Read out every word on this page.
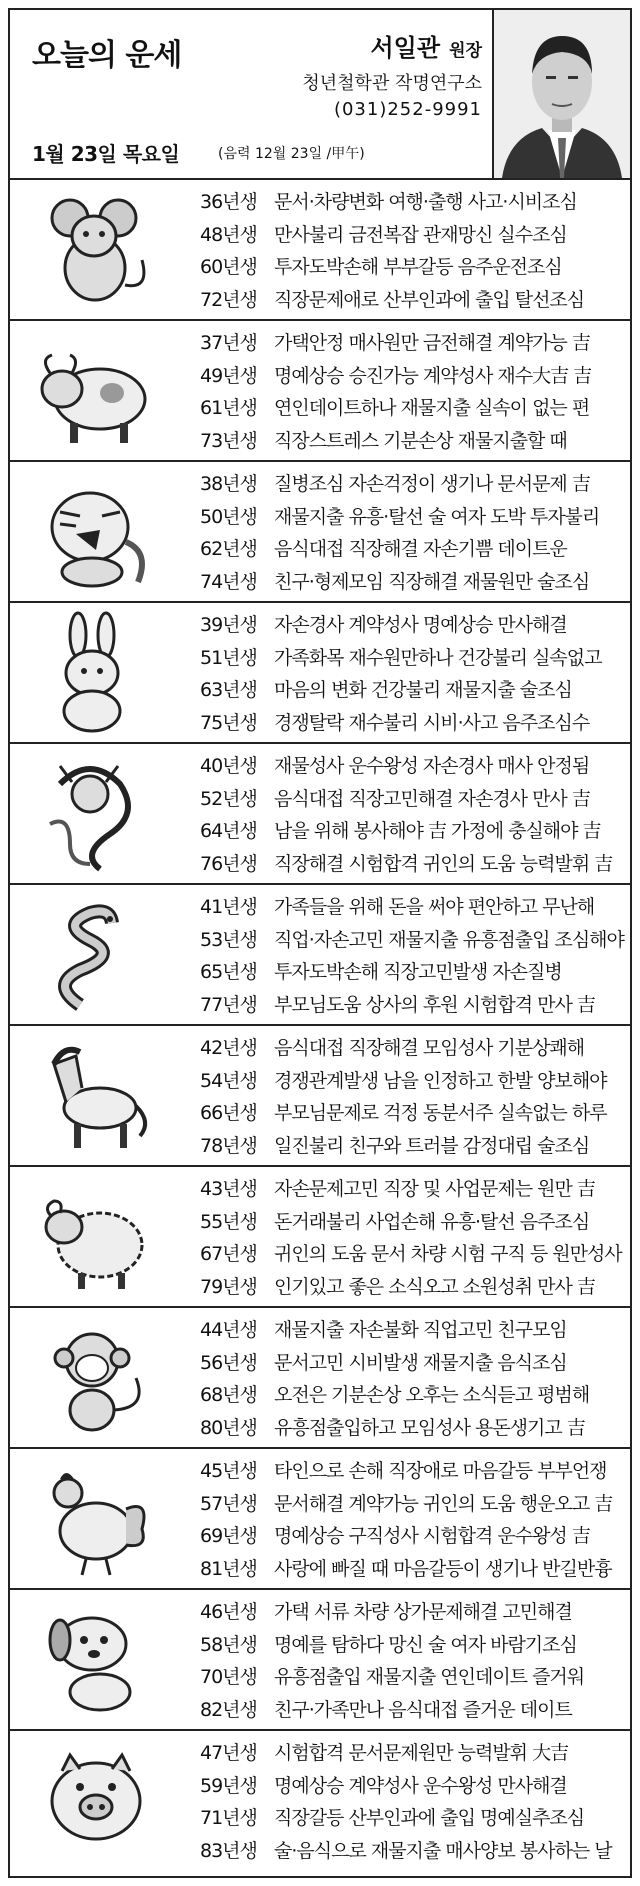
오늘의 운세	서일관 원장
청년철학관 작명연구소
(031)252-9991
1월 23일 목요일	(음력 12월 23일 /甲午)
36년생 문서·차량변화 여행·출행 사고·시비조심
48년생 만사불리 금전복잡 관재망신 실수조심
60년생 투자도박손해 부부갈등 음주운전조심
72년생 직장문제애로 산부인과에 출입 탈선조심
37년생 가택안정 매사원만 금전해결 계약가능 吉
49년생 명예상승 승진가능 계약성사 재수大吉 吉
61년생 연인데이트하나 재물지출 실속이 없는 편
73년생 직장스트레스 기분손상 재물지출할 때
38년생 질병조심 자손걱정이 생기나 문서문제 吉
50년생 재물지출 유흥·탈선 술 여자 도박 투자불리
62년생 음식대접 직장해결 자손기쁨 데이트운
74년생 친구·형제모임 직장해결 재물원만 술조심
39년생 자손경사 계약성사 명예상승 만사해결
51년생 가족화목 재수원만하나 건강불리 실속없고
63년생 마음의 변화 건강불리 재물지출 술조심
75년생 경쟁탈락 재수불리 시비·사고 음주조심수
40년생 재물성사 운수왕성 자손경사 매사 안정됨
52년생 음식대접 직장고민해결 자손경사 만사 吉
64년생 남을 위해 봉사해야 吉 가정에 충실해야 吉
76년생 직장해결 시험합격 귀인의 도움 능력발휘 吉
41년생 가족들을 위해 돈을 써야 편안하고 무난해
53년생 직업·자손고민 재물지출 유흥점출입 조심해야
65년생 투자도박손해 직장고민발생 자손질병
77년생 부모님도움 상사의 후원 시험합격 만사 吉
42년생 음식대접 직장해결 모임성사 기분상쾌해
54년생 경쟁관계발생 남을 인정하고 한발 양보해야
66년생 부모님문제로 걱정 동분서주 실속없는 하루
78년생 일진불리 친구와 트러블 감정대립 술조심
43년생 자손문제고민 직장 및 사업문제는 원만 吉
55년생 돈거래불리 사업손해 유흥·탈선 음주조심
67년생 귀인의 도움 문서 차량 시험 구직 등 원만성사
79년생 인기있고 좋은 소식오고 소원성취 만사 吉
44년생 재물지출 자손불화 직업고민 친구모임
56년생 문서고민 시비발생 재물지출 음식조심
68년생 오전은 기분손상 오후는 소식듣고 평범해
80년생 유흥점출입하고 모임성사 용돈생기고 吉
45년생 타인으로 손해 직장애로 마음갈등 부부언쟁
57년생 문서해결 계약가능 귀인의 도움 행운오고 吉
69년생 명예상승 구직성사 시험합격 운수왕성 吉
81년생 사랑에 빠질 때 마음갈등이 생기나 반길반흉
46년생 가택 서류 차량 상가문제해결 고민해결
58년생 명예를 탐하다 망신 술 여자 바람기조심
70년생 유흥점출입 재물지출 연인데이트 즐거워
82년생 친구·가족만나 음식대접 즐거운 데이트
47년생 시험합격 문서문제원만 능력발휘 大吉
59년생 명예상승 계약성사 운수왕성 만사해결
71년생 직장갈등 산부인과에 출입 명예실추조심
83년생 술·음식으로 재물지출 매사양보 봉사하는 날
